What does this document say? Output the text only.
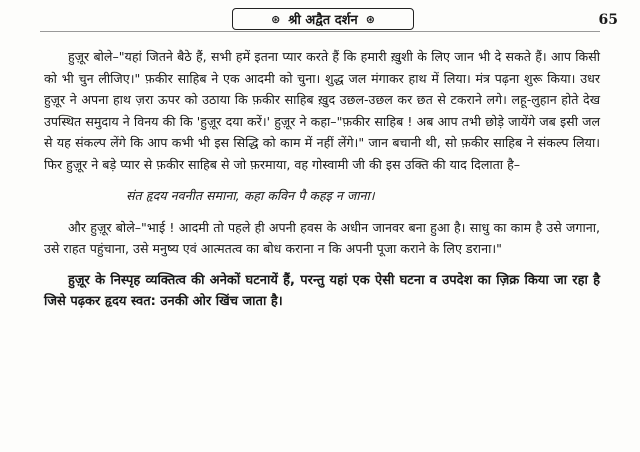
⊛ श्री अद्वैत दर्शन ⊛	65

हुज़ूर बोले–"यहां जितने बैठे हैं, सभी हमें इतना प्यार करते हैं कि हमारी ख़ुशी के लिए जान भी दे सकते हैं। आप किसी को भी चुन लीजिए।" फ़कीर साहिब ने एक आदमी को चुना। शुद्ध जल मंगाकर हाथ में लिया। मंत्र पढ़ना शुरू किया। उधर हुज़ूर ने अपना हाथ ज़रा ऊपर को उठाया कि फ़कीर साहिब ख़ुद उछल-उछल कर छत से टकराने लगे। लहू-लुहान होते देख उपस्थित समुदाय ने विनय की कि 'हुज़ूर दया करें।' हुज़ूर ने कहा–"फ़कीर साहिब ! अब आप तभी छोड़े जायेंगे जब इसी जल से यह संकल्प लेंगे कि आप कभी भी इस सिद्धि को काम में नहीं लेंगे।" जान बचानी थी, सो फ़कीर साहिब ने संकल्प लिया। फिर हुज़ूर ने बड़े प्यार से फ़कीर साहिब से जो फ़रमाया, वह गोस्वामी जी की इस उक्ति की याद दिलाता है–

संत हृदय नवनीत समाना, कहा कविन पै कहइ न जाना।

और हुज़ूर बोले–"भाई ! आदमी तो पहले ही अपनी हवस के अधीन जानवर बना हुआ है। साधु का काम है उसे जगाना, उसे राहत पहुंचाना, उसे मनुष्य एवं आत्मतत्व का बोध कराना न कि अपनी पूजा कराने के लिए डराना।"

हुज़ूर के निस्पृह व्यक्तित्व की अनेकों घटनायें हैं, परन्तु यहां एक ऐसी घटना व उपदेश का ज़िक्र किया जा रहा है जिसे पढ़कर हृदय स्वत: उनकी ओर खिंच जाता है।
